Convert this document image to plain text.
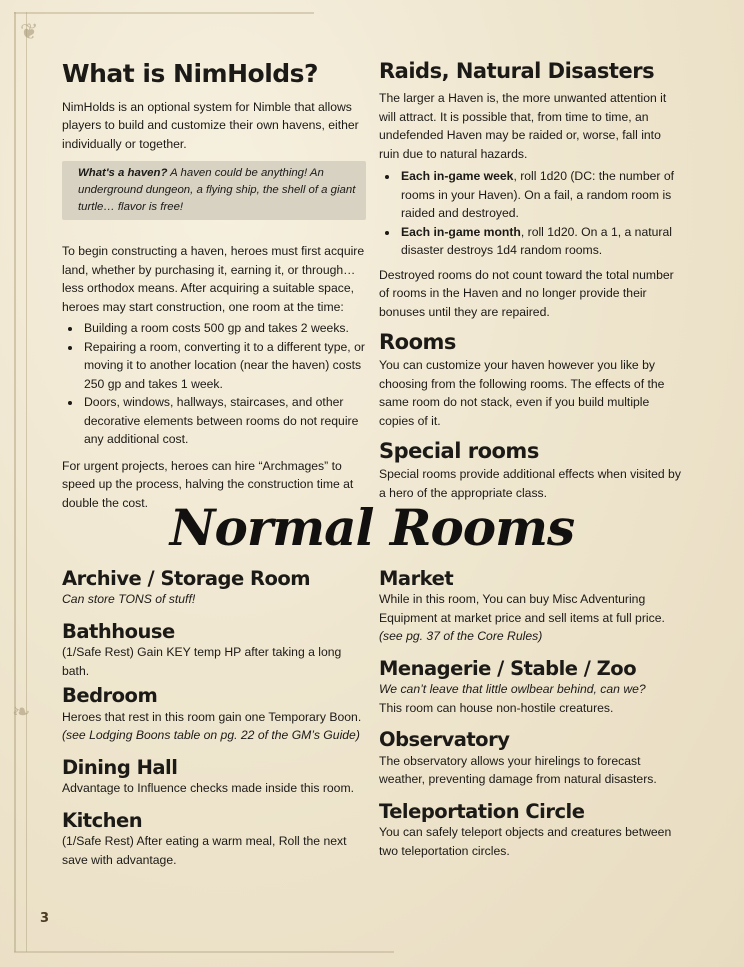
❦
❧
What is NimHolds?

NimHolds is an optional system for Nimble that allows players to build and customize their own havens, either individually or together.

What's a haven? A haven could be anything! An underground dungeon, a flying ship, the shell of a giant turtle… flavor is free!

To begin constructing a haven, heroes must first acquire land, whether by purchasing it, earning it, or through… less orthodox means. After acquiring a suitable space, heroes may start construction, one room at the time:

• Building a room costs 500 gp and takes 2 weeks.
• Repairing a room, converting it to a different type, or moving it to another location (near the haven) costs 250 gp and takes 1 week.
• Doors, windows, hallways, staircases, and other decorative elements between rooms do not require any additional cost.

For urgent projects, heroes can hire “Archmages” to speed up the process, halving the construction time at double the cost.

Raids, Natural Disasters

The larger a Haven is, the more unwanted attention it will attract. It is possible that, from time to time, an undefended Haven may be raided or, worse, fall into ruin due to natural hazards.

• Each in-game week, roll 1d20 (DC: the number of rooms in your Haven). On a fail, a random room is raided and destroyed.
• Each in-game month, roll 1d20. On a 1, a natural disaster destroys 1d4 random rooms.

Destroyed rooms do not count toward the total number of rooms in the Haven and no longer provide their bonuses until they are repaired.

Rooms

You can customize your haven however you like by choosing from the following rooms. The effects of the same room do not stack, even if you build multiple copies of it.

Special rooms

Special rooms provide additional effects when visited by a hero of the appropriate class.

Normal Rooms
Archive / Storage Room
Can store TONS of stuff!
Bathhouse
(1/Safe Rest) Gain KEY temp HP after taking a long bath.
Bedroom
Heroes that rest in this room gain one Temporary Boon.
(see Lodging Boons table on pg. 22 of the GM’s Guide)
Dining Hall
Advantage to Influence checks made inside this room.
Kitchen
(1/Safe Rest) After eating a warm meal, Roll the next save with advantage.
Market
While in this room, You can buy Misc Adventuring Equipment at market price and sell items at full price.
(see pg. 37 of the Core Rules)
Menagerie / Stable / Zoo
We can’t leave that little owlbear behind, can we?
This room can house non-hostile creatures.
Observatory
The observatory allows your hirelings to forecast weather, preventing damage from natural disasters.
Teleportation Circle
You can safely teleport objects and creatures between two teleportation circles.
3
